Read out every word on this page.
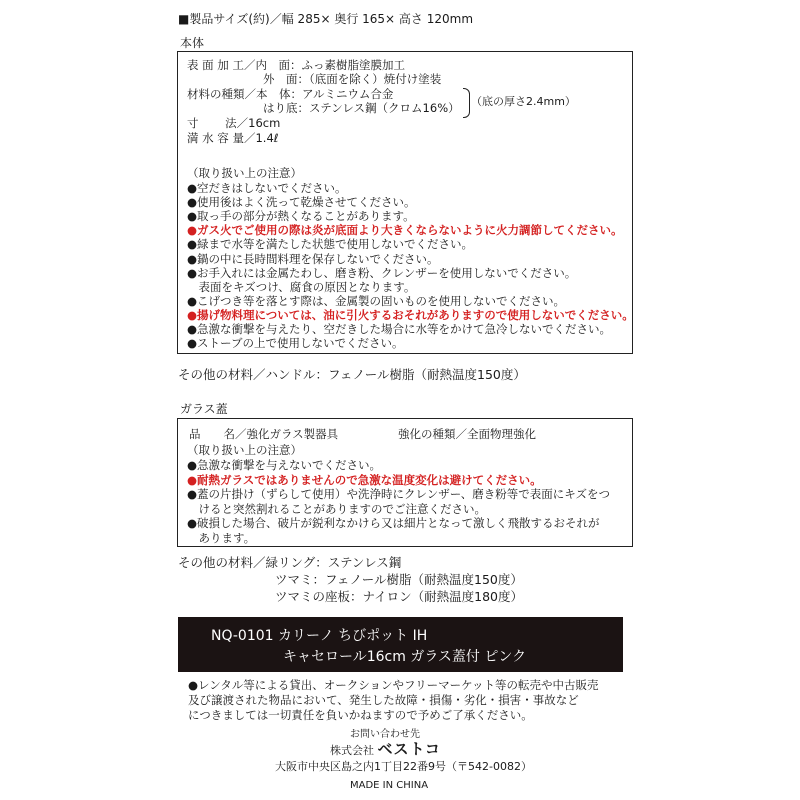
■製品サイズ(約)／幅 285× 奥行 165× 高さ 120mm
本体
表 面 加 工／内　面：ふっ素樹脂塗膜加工
外　面：（底面を除く）焼付け塗装
材料の種類／本　体：アルミニウム合金
はり底：ステンレス鋼（クロム16%） （底の厚さ2.4mm）
寸　　 法／16cm
満 水 容 量／1.4ℓ
（取り扱い上の注意）
●空だきはしないでください。
●使用後はよく洗って乾燥させてください。
●取っ手の部分が熱くなることがあります。
●ガス火でご使用の際は炎が底面より大きくならないように火力調節してください。
●緑まで水等を満たした状態で使用しないでください。
●鍋の中に長時間料理を保存しないでください。
●お手入れには金属たわし、磨き粉、クレンザーを使用しないでください。
　表面をキズつけ、腐食の原因となります。
●こげつき等を落とす際は、金属製の固いものを使用しないでください。
●揚げ物料理については、油に引火するおそれがありますので使用しないでください。
●急激な衝撃を与えたり、空だきした場合に水等をかけて急冷しないでください。
●ストーブの上で使用しないでください。
その他の材料／ハンドル：フェノール樹脂（耐熱温度150度）
ガラス蓋
品　　名／強化ガラス製器具	強化の種類／全面物理強化
（取り扱い上の注意）
●急激な衝撃を与えないでください。
●耐熱ガラスではありませんので急激な温度変化は避けてください。
●蓋の片掛け（ずらして使用）や洗浄時にクレンザー、磨き粉等で表面にキズをつ
　けると突然割れることがありますのでご注意ください。
●破損した場合、破片が鋭利なかけら又は細片となって激しく飛散するおそれが
　あります。
その他の材料／緑リング：ステンレス鋼
ツマミ：フェノール樹脂（耐熱温度150度）
ツマミの座板：ナイロン（耐熱温度180度）
NQ-0101 カリーノ ちびポット IH
キャセロール16cm ガラス蓋付 ピンク
●レンタル等による貸出、オークションやフリーマーケット等の転売や中古販売
及び譲渡された物品において、発生した故障・損傷・劣化・損害・事故など
につきましては一切責任を負いかねますので予めご了承ください。
お問い合わせ先
株式会社 ベストコ
大阪市中央区島之内1丁目22番9号（〒542-0082）
MADE IN CHINA
